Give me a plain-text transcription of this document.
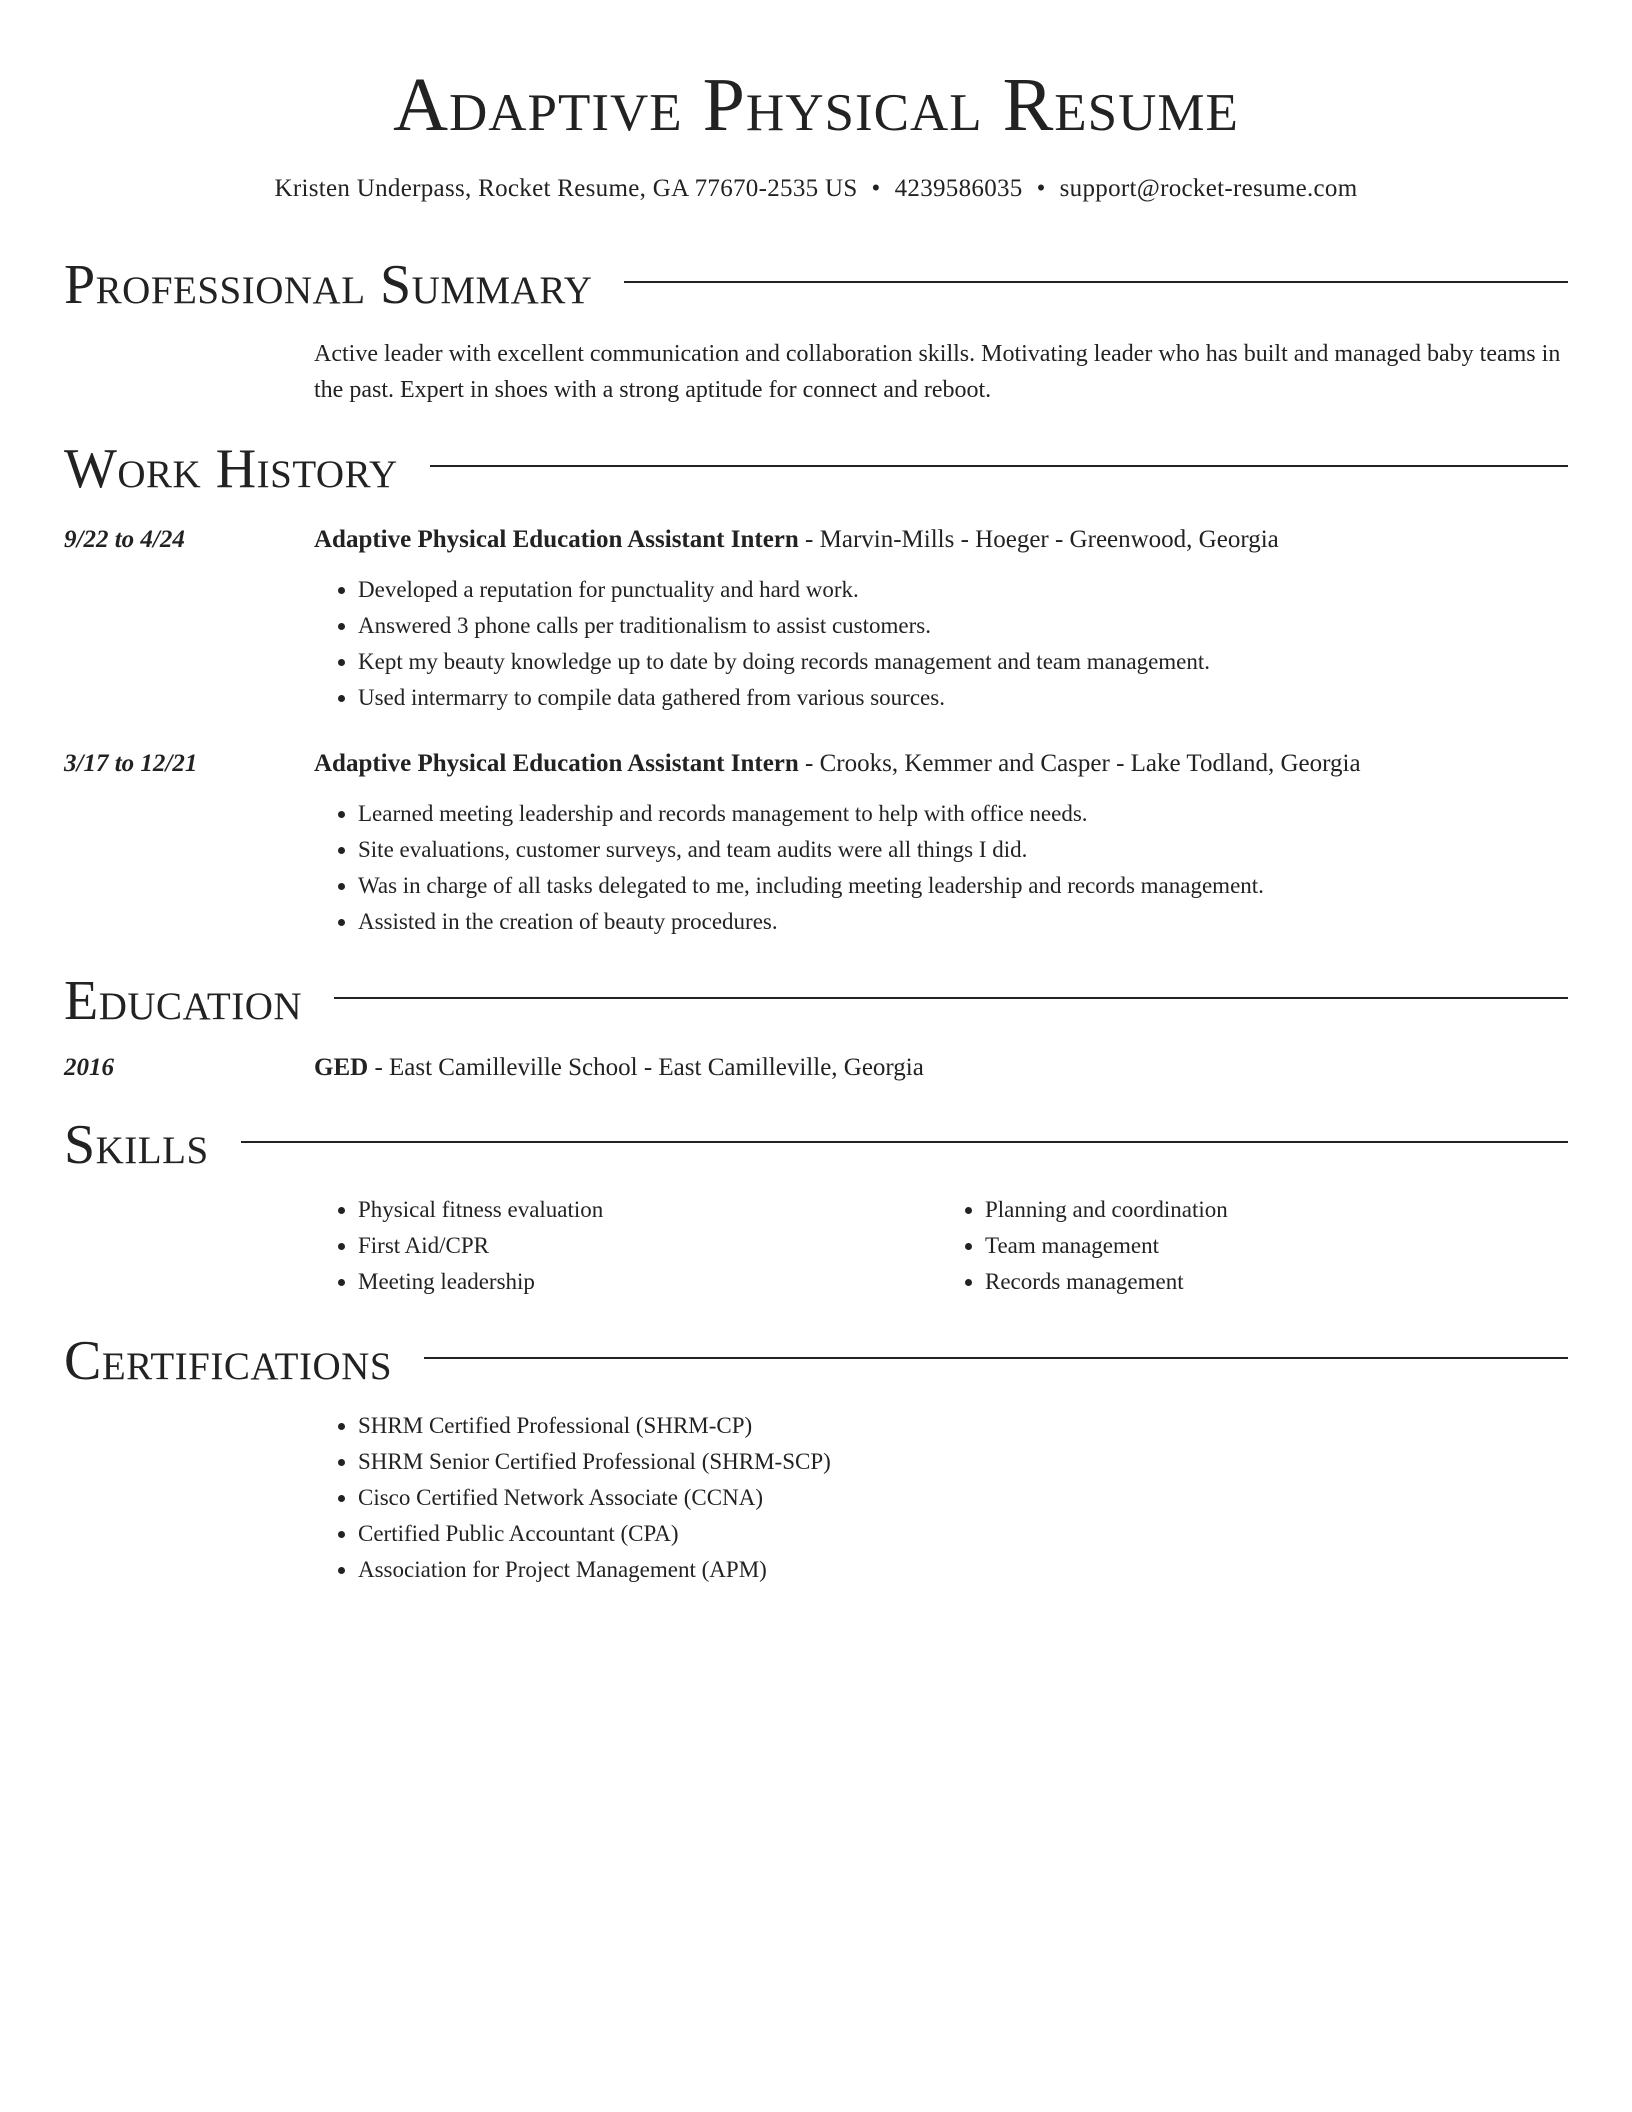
Adaptive Physical Resume
Kristen Underpass, Rocket Resume, GA 77670-2535 US • 4239586035 • support@rocket-resume.com
Professional Summary
Active leader with excellent communication and collaboration skills. Motivating leader who has built and managed baby teams in the past. Expert in shoes with a strong aptitude for connect and reboot.
Work History
9/22 to 4/24	Adaptive Physical Education Assistant Intern - Marvin-Mills - Hoeger - Greenwood, Georgia
• Developed a reputation for punctuality and hard work.
• Answered 3 phone calls per traditionalism to assist customers.
• Kept my beauty knowledge up to date by doing records management and team management.
• Used intermarry to compile data gathered from various sources.
3/17 to 12/21	Adaptive Physical Education Assistant Intern - Crooks, Kemmer and Casper - Lake Todland, Georgia
• Learned meeting leadership and records management to help with office needs.
• Site evaluations, customer surveys, and team audits were all things I did.
• Was in charge of all tasks delegated to me, including meeting leadership and records management.
• Assisted in the creation of beauty procedures.
Education
2016	GED - East Camilleville School - East Camilleville, Georgia
Skills
• Physical fitness evaluation
• First Aid/CPR
• Meeting leadership
• Planning and coordination
• Team management
• Records management
Certifications
• SHRM Certified Professional (SHRM-CP)
• SHRM Senior Certified Professional (SHRM-SCP)
• Cisco Certified Network Associate (CCNA)
• Certified Public Accountant (CPA)
• Association for Project Management (APM)
